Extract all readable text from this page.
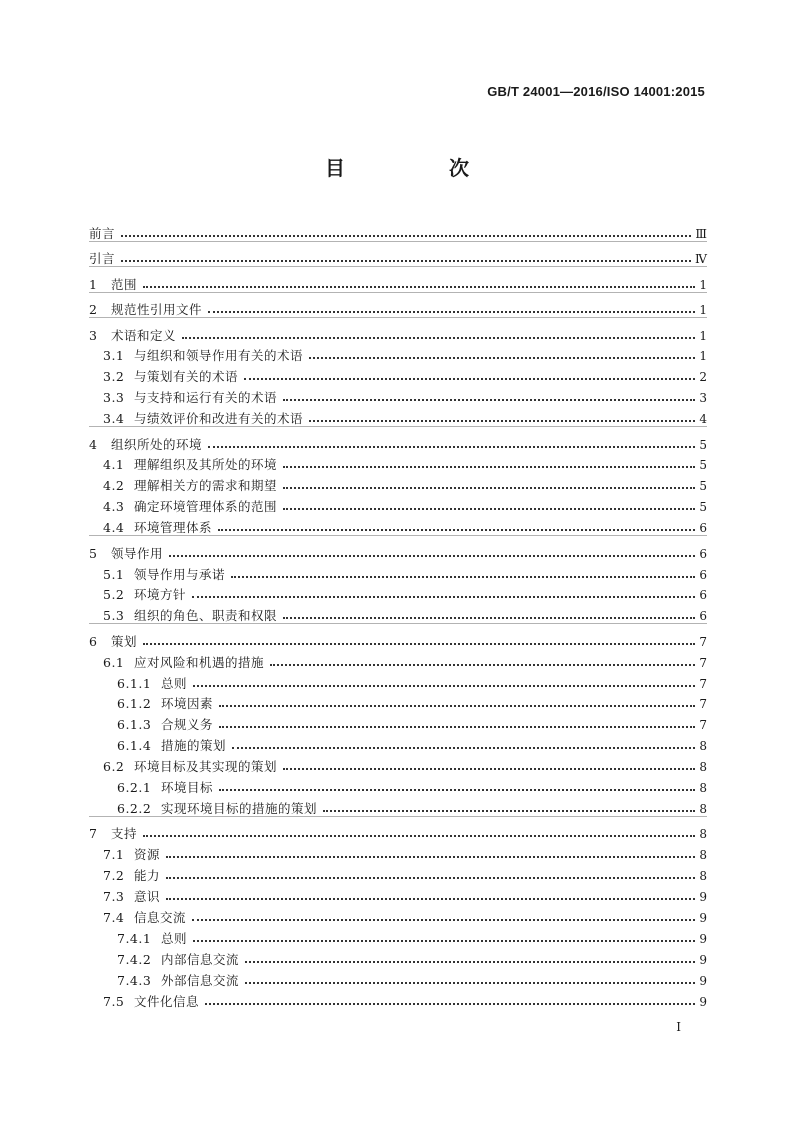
GB/T 24001—2016/ISO 14001:2015
目　次
前言	Ⅲ
引言	Ⅳ
1 范围	1
2 规范性引用文件	1
3 术语和定义	1
3.1 与组织和领导作用有关的术语	1
3.2 与策划有关的术语	2
3.3 与支持和运行有关的术语	3
3.4 与绩效评价和改进有关的术语	4
4 组织所处的环境	5
4.1 理解组织及其所处的环境	5
4.2 理解相关方的需求和期望	5
4.3 确定环境管理体系的范围	5
4.4 环境管理体系	6
5 领导作用	6
5.1 领导作用与承诺	6
5.2 环境方针	6
5.3 组织的角色、职责和权限	6
6 策划	7
6.1 应对风险和机遇的措施	7
6.1.1 总则	7
6.1.2 环境因素	7
6.1.3 合规义务	7
6.1.4 措施的策划	8
6.2 环境目标及其实现的策划	8
6.2.1 环境目标	8
6.2.2 实现环境目标的措施的策划	8
7 支持	8
7.1 资源	8
7.2 能力	8
7.3 意识	9
7.4 信息交流	9
7.4.1 总则	9
7.4.2 内部信息交流	9
7.4.3 外部信息交流	9
7.5 文件化信息	9
Ⅰ
